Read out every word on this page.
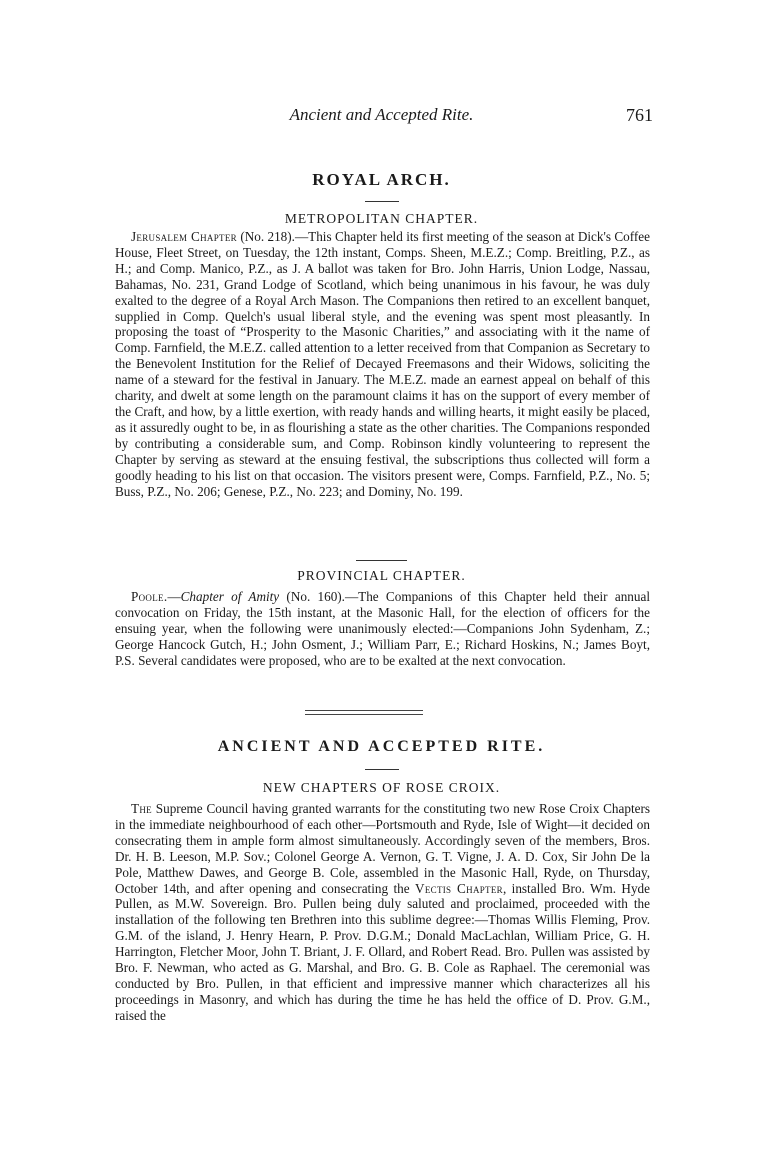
Ancient and Accepted Rite.	761
ROYAL ARCH.
METROPOLITAN CHAPTER.

Jerusalem Chapter (No. 218).—This Chapter held its first meeting of the season at Dick's Coffee House, Fleet Street, on Tuesday, the 12th instant, Comps. Sheen, M.E.Z.; Comp. Breitling, P.Z., as H.; and Comp. Manico, P.Z., as J. A ballot was taken for Bro. John Harris, Union Lodge, Nassau, Bahamas, No. 231, Grand Lodge of Scotland, which being unanimous in his favour, he was duly exalted to the degree of a Royal Arch Mason. The Companions then retired to an excellent banquet, supplied in Comp. Quelch's usual liberal style, and the evening was spent most pleasantly. In proposing the toast of “Prosperity to the Masonic Charities,” and associating with it the name of Comp. Farnfield, the M.E.Z. called attention to a letter received from that Companion as Secretary to the Benevolent Institution for the Relief of Decayed Freemasons and their Widows, soliciting the name of a steward for the festival in January. The M.E.Z. made an earnest appeal on behalf of this charity, and dwelt at some length on the paramount claims it has on the support of every member of the Craft, and how, by a little exertion, with ready hands and willing hearts, it might easily be placed, as it assuredly ought to be, in as flourishing a state as the other charities. The Companions responded by contributing a considerable sum, and Comp. Robinson kindly volunteering to represent the Chapter by serving as steward at the ensuing festival, the subscriptions thus collected will form a goodly heading to his list on that occasion. The visitors present were, Comps. Farnfield, P.Z., No. 5; Buss, P.Z., No. 206; Genese, P.Z., No. 223; and Dominy, No. 199.

PROVINCIAL CHAPTER.

Poole.—Chapter of Amity (No. 160).—The Companions of this Chapter held their annual convocation on Friday, the 15th instant, at the Masonic Hall, for the election of officers for the ensuing year, when the following were unanimously elected:—Companions John Sydenham, Z.; George Hancock Gutch, H.; John Osment, J.; William Parr, E.; Richard Hoskins, N.; James Boyt, P.S. Several candidates were proposed, who are to be exalted at the next convocation.

ANCIENT AND ACCEPTED RITE.
NEW CHAPTERS OF ROSE CROIX.

The Supreme Council having granted warrants for the constituting two new Rose Croix Chapters in the immediate neighbourhood of each other—Portsmouth and Ryde, Isle of Wight—it decided on consecrating them in ample form almost simultaneously. Accordingly seven of the members, Bros. Dr. H. B. Leeson, M.P. Sov.; Colonel George A. Vernon, G. T. Vigne, J. A. D. Cox, Sir John De la Pole, Matthew Dawes, and George B. Cole, assembled in the Masonic Hall, Ryde, on Thursday, October 14th, and after opening and consecrating the Vectis Chapter, installed Bro. Wm. Hyde Pullen, as M.W. Sovereign. Bro. Pullen being duly saluted and proclaimed, proceeded with the installation of the following ten Brethren into this sublime degree:—Thomas Willis Fleming, Prov. G.M. of the island, J. Henry Hearn, P. Prov. D.G.M.; Donald MacLachlan, William Price, G. H. Harrington, Fletcher Moor, John T. Briant, J. F. Ollard, and Robert Read. Bro. Pullen was assisted by Bro. F. Newman, who acted as G. Marshal, and Bro. G. B. Cole as Raphael. The ceremonial was conducted by Bro. Pullen, in that efficient and impressive manner which characterizes all his proceedings in Masonry, and which has during the time he has held the office of D. Prov. G.M., raised the
